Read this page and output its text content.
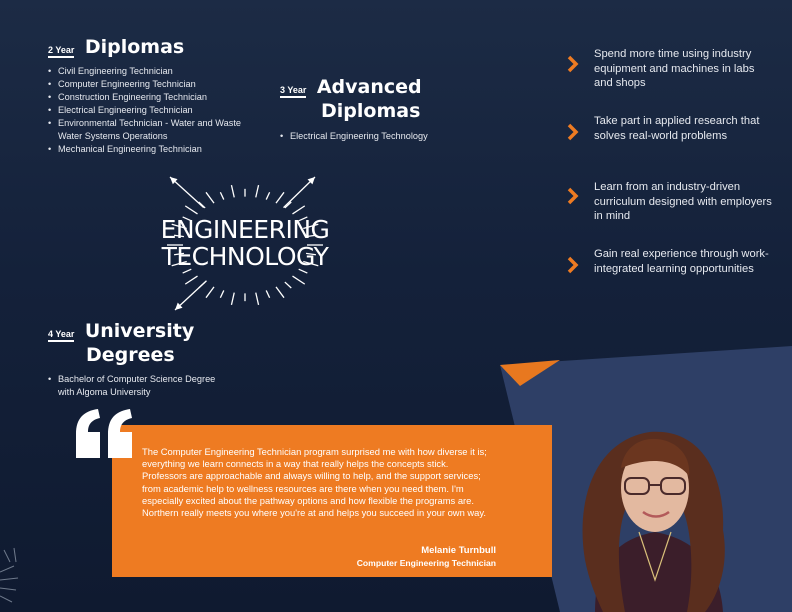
2 Year Diplomas
• Civil Engineering Technician
• Computer Engineering Technician
• Construction Engineering Technician
• Electrical Engineering Technician
• Environmental Technician - Water and Waste Water Systems Operations
• Mechanical Engineering Technician
3 Year Advanced
Diplomas
• Electrical Engineering Technology
ENGINEERING
TECHNOLOGY
4 Year University
Degrees
• Bachelor of Computer Science Degree with Algoma University
Spend more time using industry equipment and machines in labs and shops
Take part in applied research that solves real-world problems
Learn from an industry-driven curriculum designed with employers in mind
Gain real experience through work-integrated learning opportunities
The Computer Engineering Technician program surprised me with how diverse it is; everything we learn connects in a way that really helps the concepts stick. Professors are approachable and always willing to help, and the support services; from academic help to wellness resources are there when you need them. I'm especially excited about the pathway options and how flexible the programs are. Northern really meets you where you're at and helps you succeed in your own way.
Melanie Turnbull
Computer Engineering Technician
